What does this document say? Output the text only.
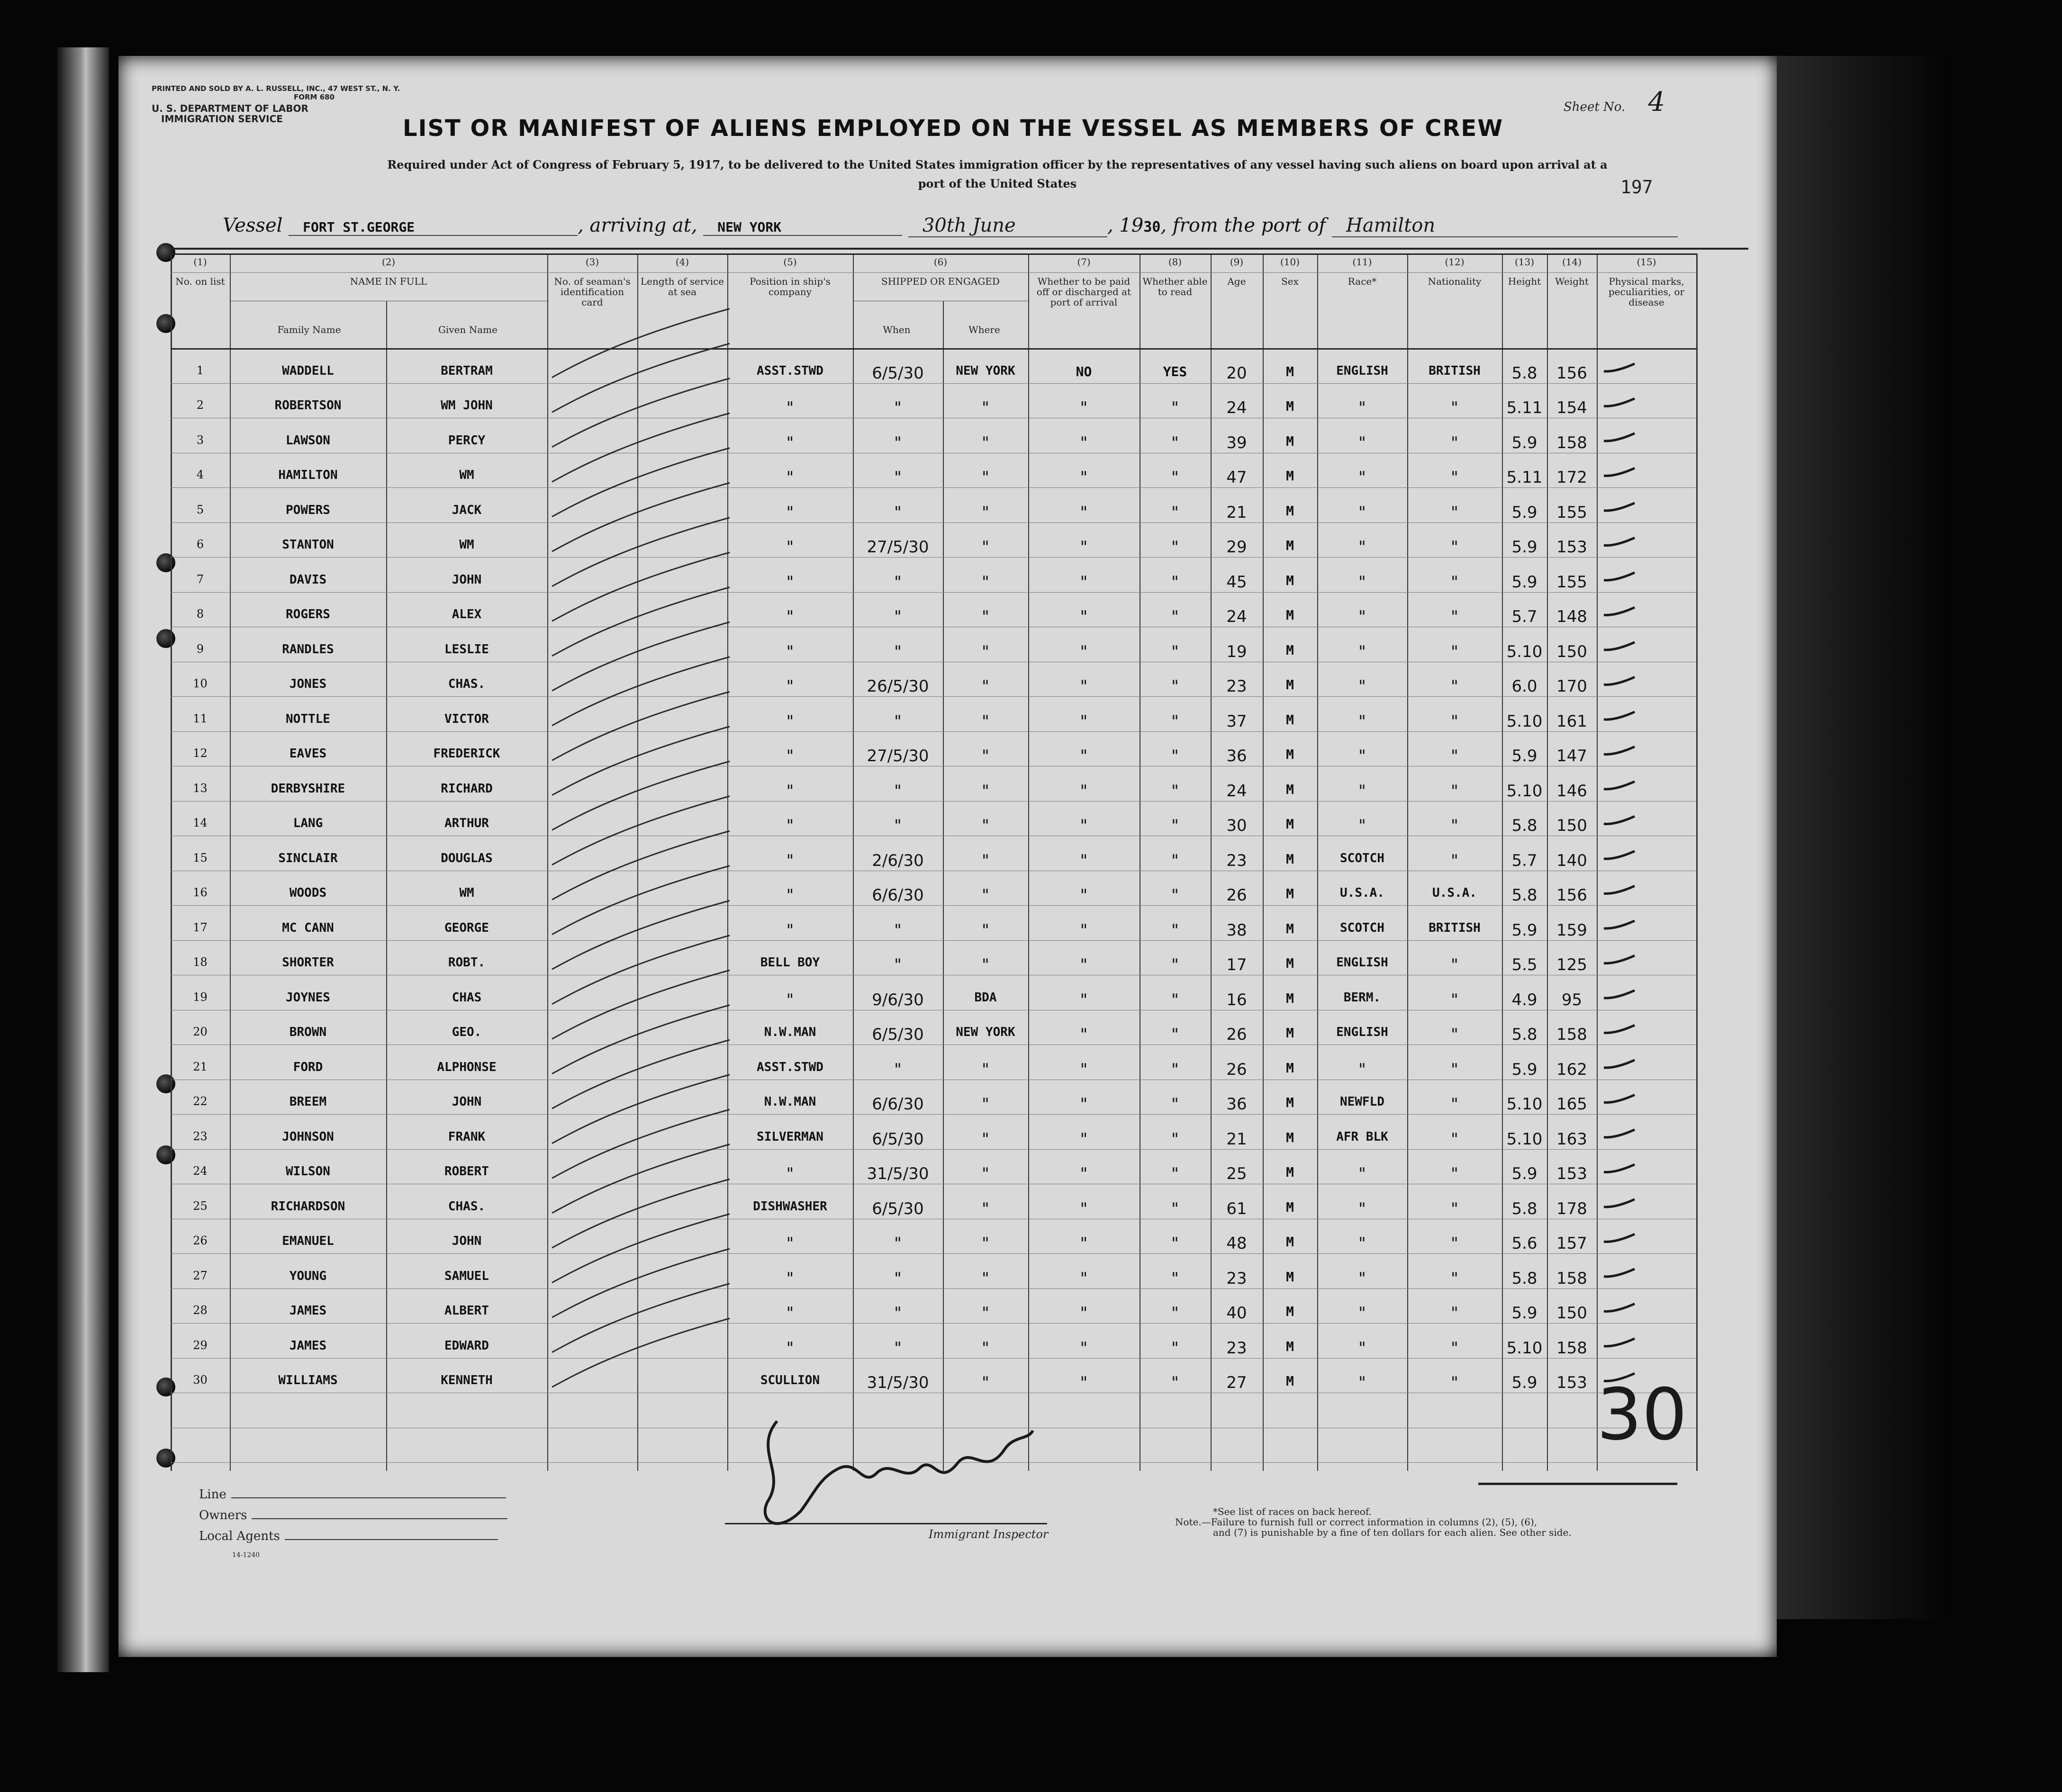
PRINTED AND SOLD BY A. L. RUSSELL, INC., 47 WEST ST., N. Y.
FORM 680
U. S. DEPARTMENT OF LABOR
IMMIGRATION SERVICE
Sheet No. 4
LIST OR MANIFEST OF ALIENS EMPLOYED ON THE VESSEL AS MEMBERS OF CREW
Required under Act of Congress of February 5, 1917, to be delivered to the United States immigration officer by the representatives of any vessel having such aliens on board upon arrival at a
port of the United States	197
Vessel FORT ST.GEORGE	, arriving at, NEW YORK	30th June	, 1930, from the port of Hamilton
(1)
No. on list
(2)
NAME IN FULL
Family Name	Given Name
(3)
No. of seaman's identification card
(4)
Length of service at sea
(5)
Position in ship's company
(6)
SHIPPED OR ENGAGED
When	Where
(7)
Whether to be paid off or discharged at port of arrival
(8)
Whether able to read
(9)
Age
(10)
Sex
(11)
Race*
(12)
Nationality
(13)
Height
(14)
Weight
(15)
Physical marks, peculiarities, or disease
1	WADDELL	BERTRAM	ASST.STWD	6/5/30	NEW YORK	NO	YES	20	M	ENGLISH	BRITISH	5.8	156
2	ROBERTSON	WM JOHN	"	"	"	"	"	24	M	"	"	5.11 154
3	LAWSON	PERCY	"	"	"	"	"	39	M	"	"	5.9	158
4	HAMILTON	WM	"	"	"	"	"	47	M	"	"	5.11 172
5	POWERS	JACK	"	"	"	"	"	21	M	"	"	5.9	155
6	STANTON	WM	"	27/5/30	"	"	"	29	M	"	"	5.9	153
7	DAVIS	JOHN	"	"	"	"	"	45	M	"	"	5.9	155
8	ROGERS	ALEX	"	"	"	"	"	24	M	"	"	5.7	148
9	RANDLES	LESLIE	"	"	"	"	"	19	M	"	"	5.10 150
10	JONES	CHAS.	"	26/5/30	"	"	"	23	M	"	"	6.0	170
11	NOTTLE	VICTOR	"	"	"	"	"	37	M	"	"	5.10 161
12	EAVES	FREDERICK	"	27/5/30	"	"	"	36	M	"	"	5.9	147
13	DERBYSHIRE	RICHARD	"	"	"	"	"	24	M	"	"	5.10 146
14	LANG	ARTHUR	"	"	"	"	"	30	M	"	"	5.8	150
15	SINCLAIR	DOUGLAS	"	2/6/30	"	"	"	23	M	SCOTCH	"	5.7	140
16	WOODS	WM	"	6/6/30	"	"	"	26	M	U.S.A.	U.S.A.	5.8	156
17	MC CANN	GEORGE	"	"	"	"	"	38	M	SCOTCH	BRITISH	5.9	159
18	SHORTER	ROBT.	BELL BOY	"	"	"	"	17	M	ENGLISH	"	5.5	125
19	JOYNES	CHAS	"	9/6/30	BDA	"	"	16	M	BERM.	"	4.9	95
20	BROWN	GEO.	N.W.MAN	6/5/30	NEW YORK	"	"	26	M	ENGLISH	"	5.8	158
21	FORD	ALPHONSE	ASST.STWD	"	"	"	"	26	M	"	"	5.9	162
22	BREEM	JOHN	N.W.MAN	6/6/30	"	"	"	36	M	NEWFLD	"	5.10 165
23	JOHNSON	FRANK	SILVERMAN	6/5/30	"	"	"	21	M	AFR BLK	"	5.10 163
24	WILSON	ROBERT	"	31/5/30	"	"	"	25	M	"	"	5.9	153
25	RICHARDSON	CHAS.	DISHWASHER	6/5/30	"	"	"	61	M	"	"	5.8	178
26	EMANUEL	JOHN	"	"	"	"	"	48	M	"	"	5.6	157
27	YOUNG	SAMUEL	"	"	"	"	"	23	M	"	"	5.8	158
28	JAMES	ALBERT	"	"	"	"	"	40	M	"	"	5.9	150
29	JAMES	EDWARD	"	"	"	"	"	23	M	"	"	5.10 158
30	WILLIAMS	KENNETH	SCULLION	31/5/30	"	"	"	27	M	"	"	5.9	153
Immigrant Inspector
Line
Owners
Local Agents
14-1240
*See list of races on back hereof.
Note.—Failure to furnish full or correct information in columns (2), (5), (6),
and (7) is punishable by a fine of ten dollars for each alien. See other side.
30
